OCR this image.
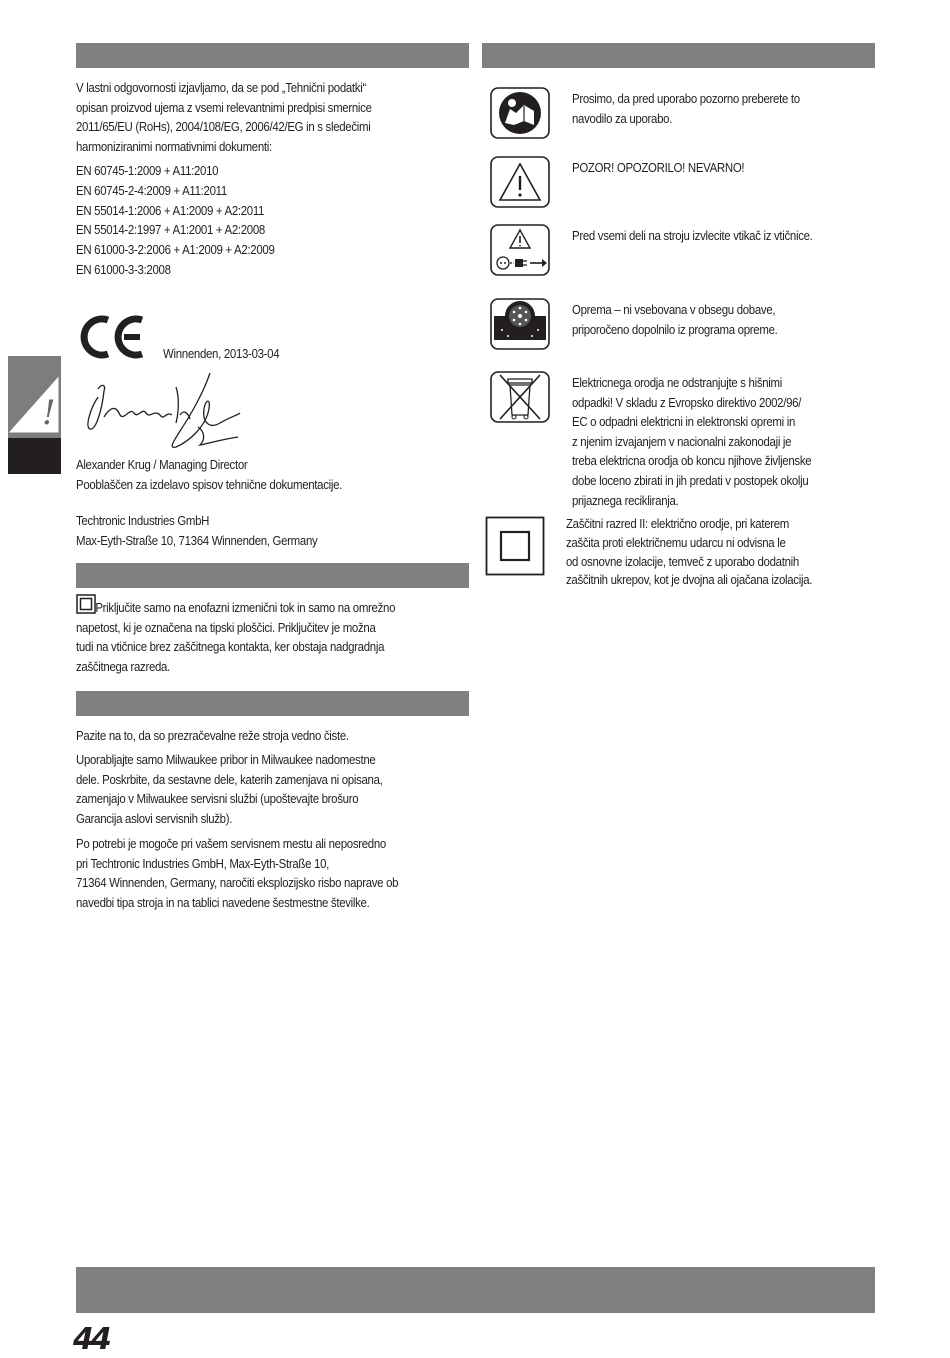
!

V lastni odgovornosti izjavljamo, da se pod „Tehnični podatki“

opisan proizvod ujema z vsemi relevantnimi predpisi smernice

2011/65/EU (RoHs), 2004/108/EG, 2006/42/EG in s sledečimi

harmoniziranimi normativnimi dokumenti:

EN 60745-1:2009 + A11:2010

EN 60745-2-4:2009 + A11:2011

EN 55014-1:2006 + A1:2009 + A2:2011

EN 55014-2:1997 + A1:2001 + A2:2008

EN 61000-3-2:2006 + A1:2009 + A2:2009

EN 61000-3-3:2008

Winnenden, 2013-03-04

Alexander Krug / Managing Director

Pooblaščen za izdelavo spisov tehnične dokumentacije.

Techtronic Industries GmbH

Max-Eyth-Straße 10, 71364 Winnenden, Germany

Priključite samo na enofazni izmenični tok in samo na omrežno

napetost, ki je označena na tipski ploščici. Priključitev je možna

tudi na vtičnice brez zaščitnega kontakta, ker obstaja nadgradnja

zaščitnega razreda.

Pazite na to, da so prezračevalne reže stroja vedno čiste.

Uporabljajte samo Milwaukee pribor in Milwaukee nadomestne

dele. Poskrbite, da sestavne dele, katerih zamenjava ni opisana,

zamenjajo v Milwaukee servisni službi (upoštevajte brošuro

Garancija aslovi servisnih služb).

Po potrebi je mogoče pri vašem servisnem mestu ali neposredno

pri Techtronic Industries GmbH, Max-Eyth-Straße 10,

71364 Winnenden, Germany, naročiti eksplozijsko risbo naprave ob

navedbi tipa stroja in na tablici navedene šestmestne številke.

Prosimo, da pred uporabo pozorno preberete to

navodilo za uporabo.

POZOR! OPOZORILO! NEVARNO!

Pred vsemi deli na stroju izvlecite vtikač iz vtičnice.

Oprema – ni vsebovana v obsegu dobave,

priporočeno dopolnilo iz programa opreme.

Elektricnega orodja ne odstranjujte s hišnimi

odpadki! V skladu z Evropsko direktivo 2002/96/

EC o odpadni elektricni in elektronski opremi in

z njenim izvajanjem v nacionalni zakonodaji je

treba elektricna orodja ob koncu njihove življenske

dobe loceno zbirati in jih predati v postopek okolju

prijaznega recikliranja.

Zaščitni razred II: električno orodje, pri katerem

zaščita proti električnemu udarcu ni odvisna le

od osnovne izolacije, temveč z uporabo dodatnih

zaščitnih ukrepov, kot je dvojna ali ojačana izolacija.

44
